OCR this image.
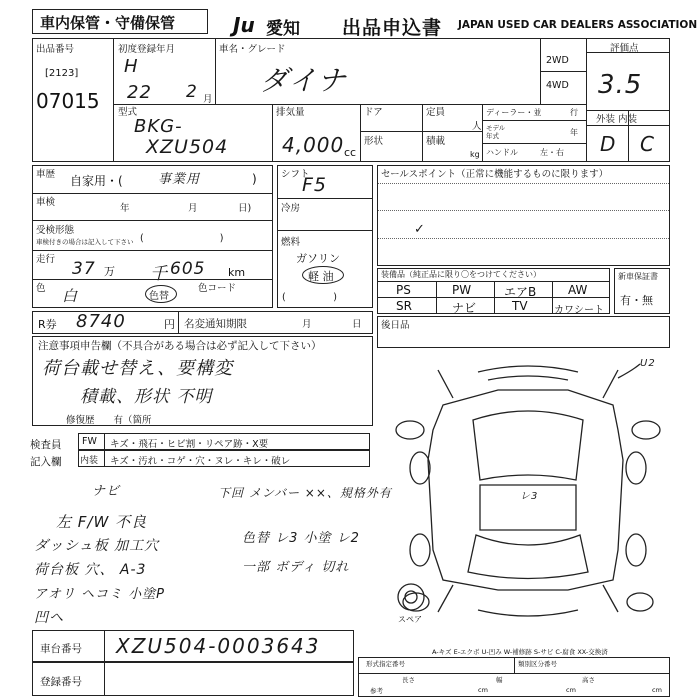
車内保管・守備保管	Ju 愛知 出品申込書 JAPAN USED CAR DEALERS ASSOCIATION
出品番号
[2123]
07015
初度登録年月
H
22 2 月
車名・グレード
ダイナ
2WD
4WD
評価点
3.5
外装 内装
D C
型式
BKG-
XZU504
排気量
4,000 cc
ドア
形状
定員
人
積載
kg
ディーラー・並	行
モデル年式	年
ハンドル	左・右
車歴 自家用・(	事業用	)
車検
年	月	日)
受検形態
車検付きの場合は記入して下さい (　　　　　　　　)
走行 37 万 千 605 km
色 白	色替
色コード
シフト
F5
冷房
燃料
ガソリン
軽 油
(　　　　　)
セールスポイント（正常に機能するものに限ります）
✓
装備品（純正品に限り〇をつけてください）
PS	PW	エアB	AW
SR	ナビ	TV	カワシート
新車保証書
有・無
R券 8740	円 名変通知期限	月	日
注意事項申告欄（不具合がある場合は必ず記入して下さい）
荷台載せ替え、要構変
積載、形状 不明
修復歴　　有（箇所
後日品
U2
レ3
スペア
検査員
記入欄
FW キズ・飛石・ヒビ割・リペア跡・X要
内装 キズ・汚れ・コゲ・穴・ヌレ・キレ・破レ
ナビ
左 F/W 不良
ダッシュ板 加工穴
荷台板 穴、 A-3
アオリ ヘコミ 小塗P
凹ヘ
下回 メンバー ××、規格外有
色替 レ3 小塗 レ2
一部 ボディ 切れ
車台番号 XZU504-0003643
登録番号
A-キズ E-エクボ U-凹み W-補修跡 S-サビ C-腐食 XX-交換済
形式指定番号	類別区分番号
長さ
cm
幅
cm
高さ
cm
参考
